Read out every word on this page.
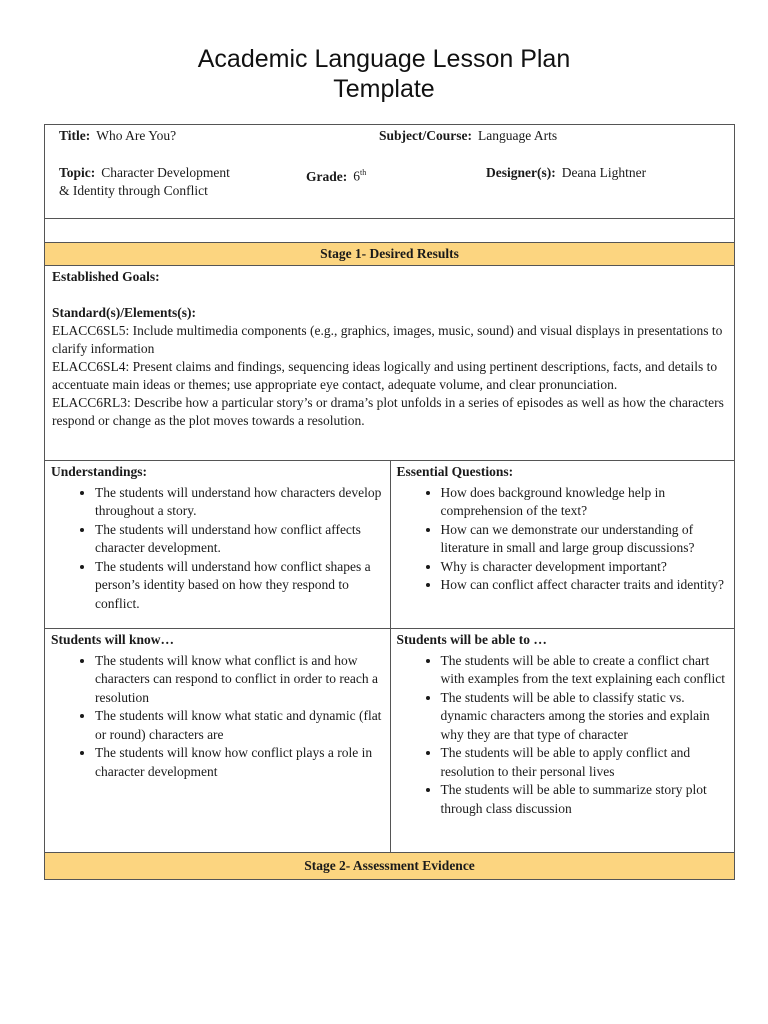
Academic Language Lesson Plan
Template
Title: Who Are You?	Subject/Course: Language Arts
Topic: Character Development
& Identity through Conflict
Grade: 6th	Designer(s): Deana Lightner
Stage 1- Desired Results
Established Goals:
Standard(s)/Elements(s):

ELACC6SL5: Include multimedia components (e.g., graphics, images, music, sound) and visual displays in presentations to clarify information

ELACC6SL4: Present claims and findings, sequencing ideas logically and using pertinent descriptions, facts, and details to accentuate main ideas or themes; use appropriate eye contact, adequate volume, and clear pronunciation.

ELACC6RL3: Describe how a particular story’s or drama’s plot unfolds in a series of episodes as well as how the characters respond or change as the plot moves towards a resolution.

Understandings:
• The students will understand how characters develop throughout a story.
• The students will understand how conflict affects character development.
• The students will understand how conflict shapes a person’s identity based on how they respond to conflict.
Essential Questions:
• How does background knowledge help in comprehension of the text?
• How can we demonstrate our understanding of literature in small and large group discussions?
• Why is character development important?
• How can conflict affect character traits and identity?
Students will know…
• The students will know what conflict is and how characters can respond to conflict in order to reach a resolution
• The students will know what static and dynamic (flat or round) characters are
• The students will know how conflict plays a role in character development
Students will be able to …
• The students will be able to create a conflict chart with examples from the text explaining each conflict
• The students will be able to classify static vs. dynamic characters among the stories and explain why they are that type of character
• The students will be able to apply conflict and resolution to their personal lives
• The students will be able to summarize story plot through class discussion
Stage 2- Assessment Evidence
